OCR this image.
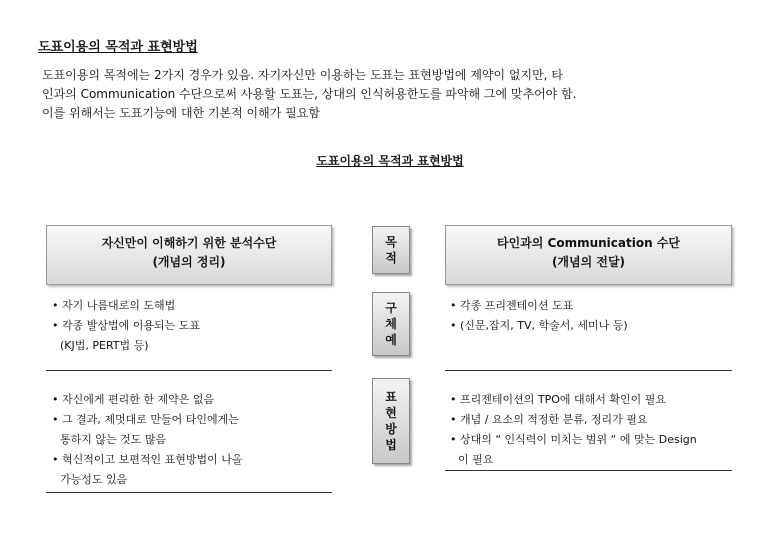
도표이용의 목적과 표현방법
도표이용의 목적에는 2가지 경우가 있음. 자기자신만 이용하는 도표는 표현방법에 제약이 없지만, 타
인과의 Communication 수단으로써 사용할 도표는, 상대의 인식허용한도를 파악해 그에 맞추어야 함.
이를 위해서는 도표기능에 대한 기본적 이해가 필요함
도표이용의 목적과 표현방법
자신만이 이해하기 위한 분석수단
(개념의 정리)
타인과의 Communication 수단
(개념의 전달)
목
적
구
체
예
표
현
방
법
• 자기 나름대로의 도해법
• 각종 발상법에 이용되는 도표
(KJ법, PERT법 등)
• 각종 프리젠테이션 도표
• (신문,잡지, TV, 학술서, 세미나 등)
• 자신에게 편리한 한 제약은 없음
• 그 결과, 제멋대로 만들어 타인에게는
통하지 않는 것도 많음
• 혁신적이고 보편적인 표현방법이 나올
가능성도 있음
• 프리젠테이션의 TPO에 대해서 확인이 필요
• 개념 / 요소의 적정한 분류, 정리가 필요
• 상대의 “ 인식력이 미치는 범위 “ 에 맞는 Design
이 필요
